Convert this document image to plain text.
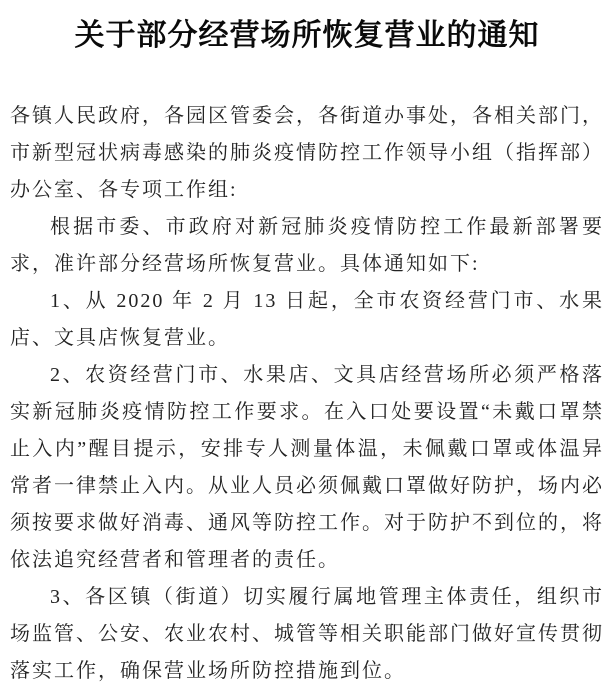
关于部分经营场所恢复营业的通知

各镇人民政府，各园区管委会，各街道办事处，各相关部门，市新型冠状病毒感染的肺炎疫情防控工作领导小组（指挥部）办公室、各专项工作组:

根据市委、市政府对新冠肺炎疫情防控工作最新部署要求，准许部分经营场所恢复营业。具体通知如下:

1、从 2020 年 2 月 13 日起，全市农资经营门市、水果店、文具店恢复营业。

2、农资经营门市、水果店、文具店经营场所必须严格落实新冠肺炎疫情防控工作要求。在入口处要设置“未戴口罩禁止入内”醒目提示，安排专人测量体温，未佩戴口罩或体温异常者一律禁止入内。从业人员必须佩戴口罩做好防护，场内必须按要求做好消毒、通风等防控工作。对于防护不到位的，将依法追究经营者和管理者的责任。

3、各区镇（街道）切实履行属地管理主体责任，组织市场监管、公安、农业农村、城管等相关职能部门做好宣传贯彻落实工作，确保营业场所防控措施到位。
